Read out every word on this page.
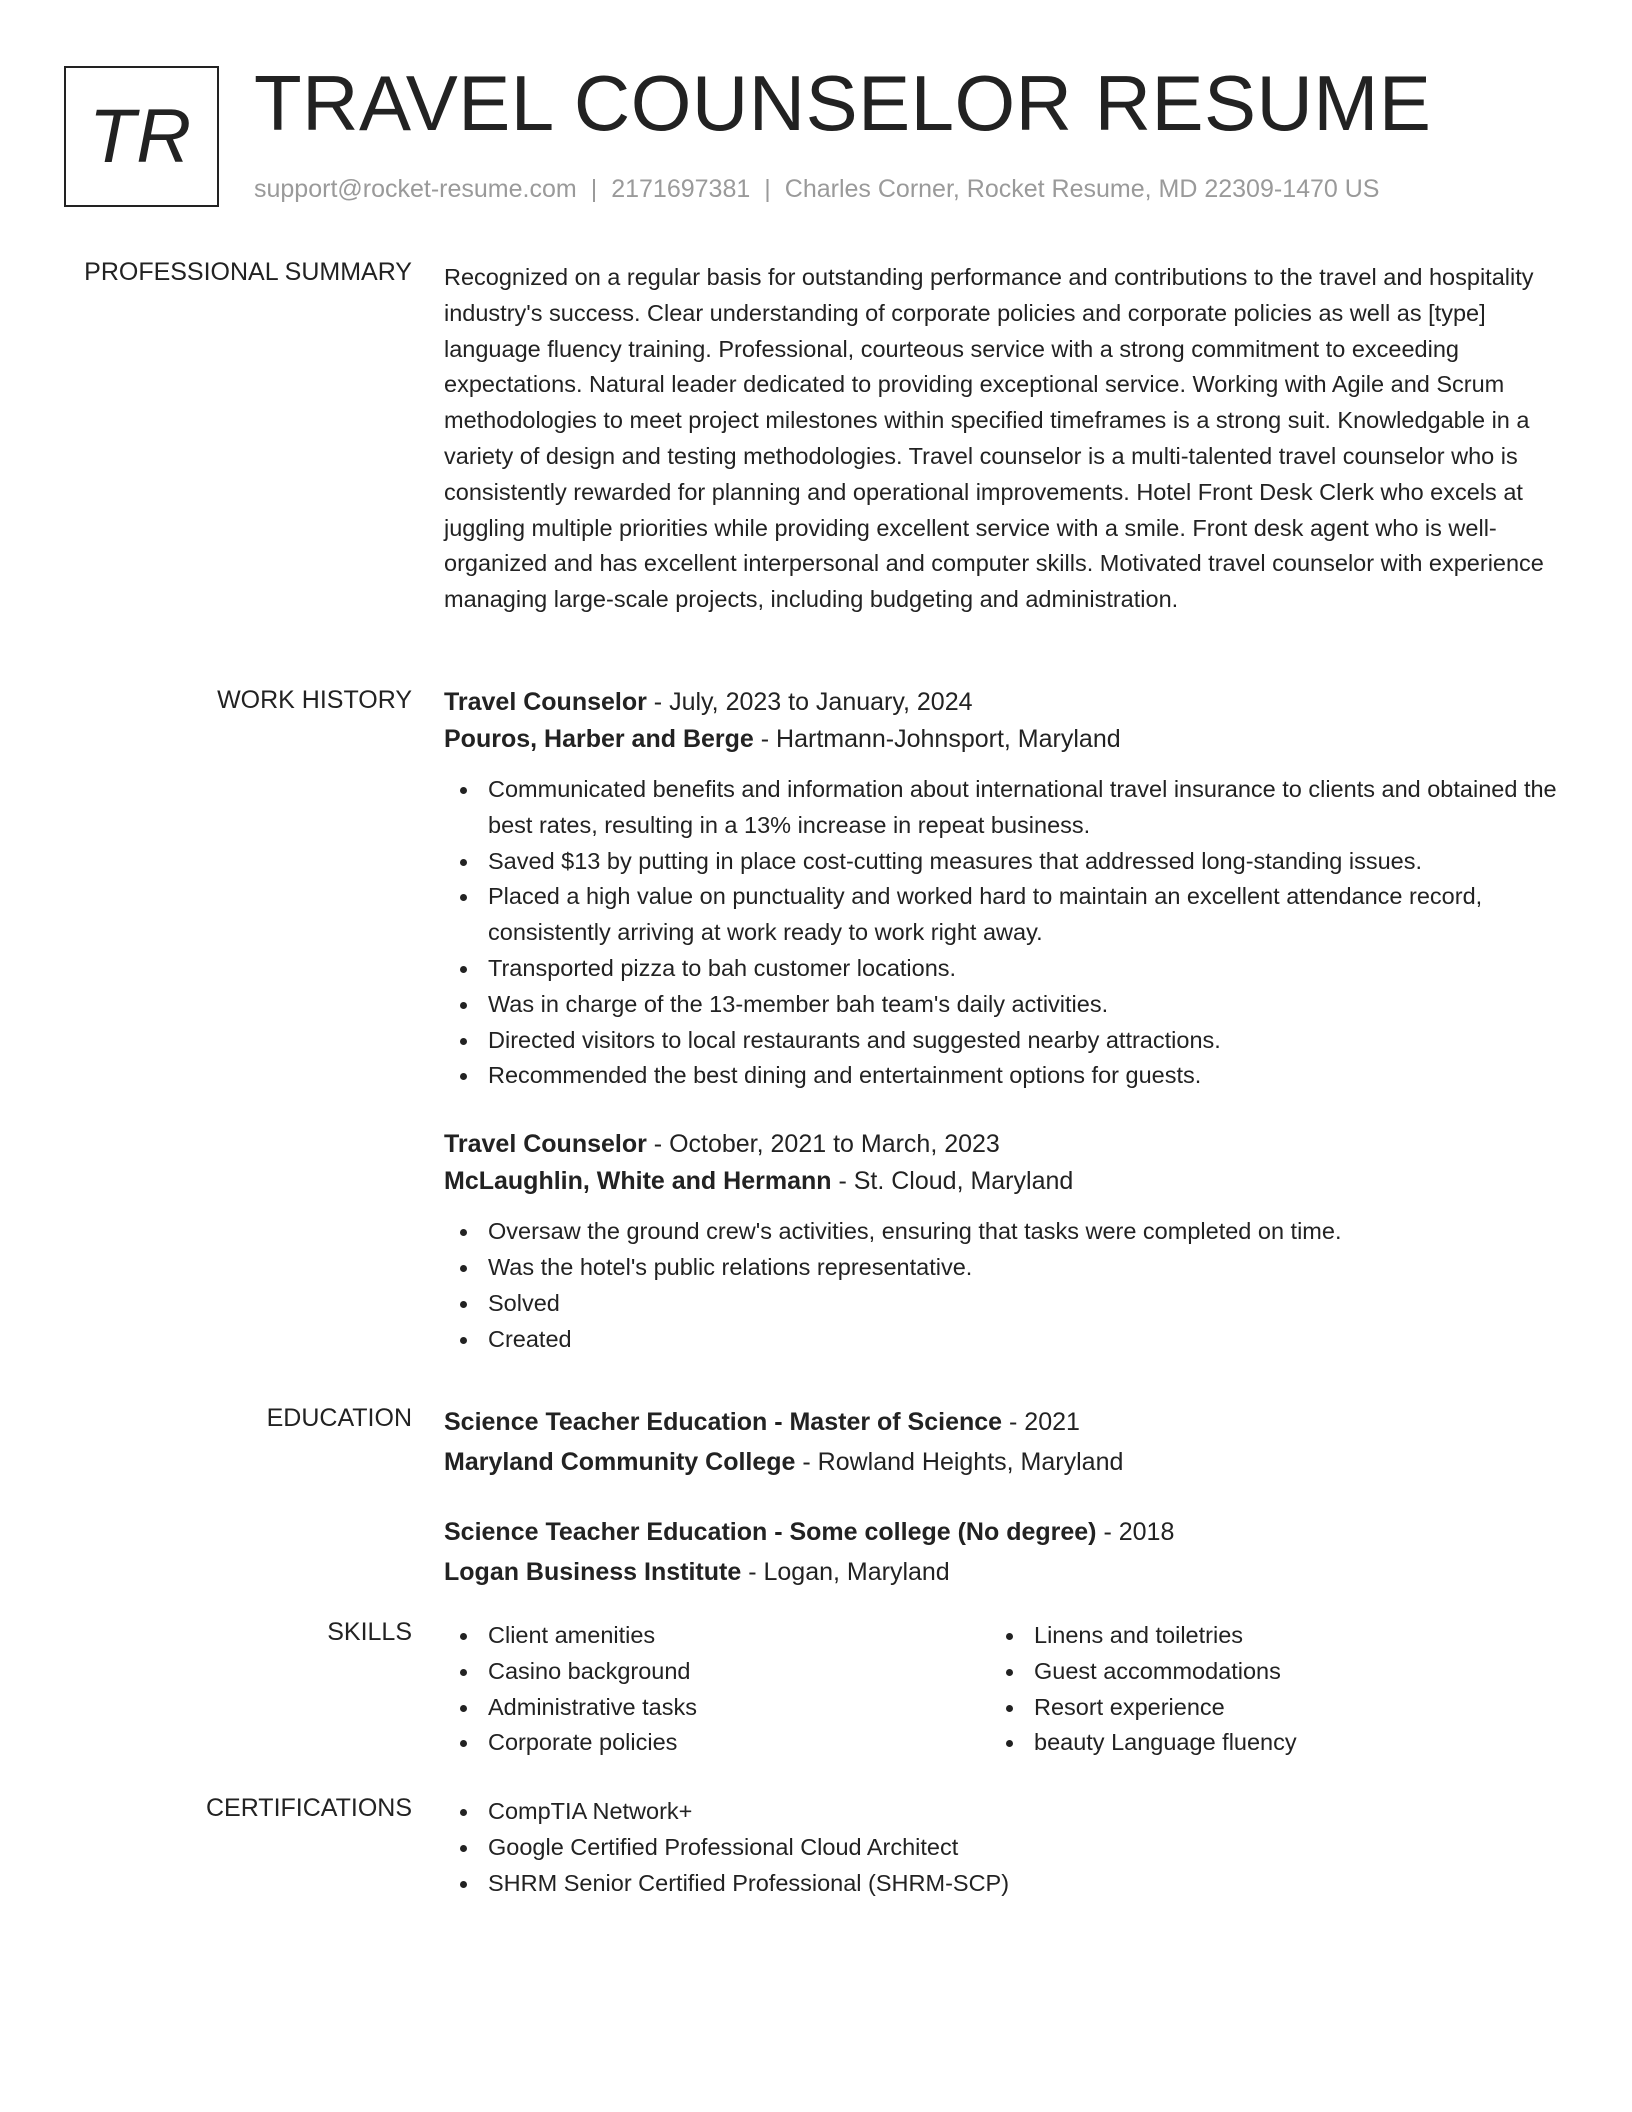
TR TRAVEL COUNSELOR RESUME
support@rocket-resume.com | 2171697381 | Charles Corner, Rocket Resume, MD 22309-1470 US
PROFESSIONAL SUMMARY Recognized on a regular basis for outstanding performance and contributions to the travel and hospitality industry's success. Clear understanding of corporate policies and corporate policies as well as [type] language fluency training. Professional, courteous service with a strong commitment to exceeding expectations. Natural leader dedicated to providing exceptional service. Working with Agile and Scrum methodologies to meet project milestones within specified timeframes is a strong suit. Knowledgable in a variety of design and testing methodologies. Travel counselor is a multi-talented travel counselor who is consistently rewarded for planning and operational improvements. Hotel Front Desk Clerk who excels at juggling multiple priorities while providing excellent service with a smile. Front desk agent who is well-organized and has excellent interpersonal and computer skills. Motivated travel counselor with experience managing large-scale projects, including budgeting and administration.

WORK HISTORY Travel Counselor - July, 2023 to January, 2024
Pouros, Harber and Berge - Hartmann-Johnsport, Maryland
Communicated benefits and information about international travel insurance to clients and obtained the best rates, resulting in a 13% increase in repeat business.
Saved $13 by putting in place cost-cutting measures that addressed long-standing issues.
Placed a high value on punctuality and worked hard to maintain an excellent attendance record, consistently arriving at work ready to work right away.
Transported pizza to bah customer locations.
Was in charge of the 13-member bah team's daily activities.
Directed visitors to local restaurants and suggested nearby attractions.
Recommended the best dining and entertainment options for guests.
Travel Counselor - October, 2021 to March, 2023
McLaughlin, White and Hermann - St. Cloud, Maryland
Oversaw the ground crew's activities, ensuring that tasks were completed on time.
Was the hotel's public relations representative.
Solved
Created
EDUCATION Science Teacher Education - Master of Science - 2021
Maryland Community College - Rowland Heights, Maryland
Science Teacher Education - Some college (No degree) - 2018
Logan Business Institute - Logan, Maryland
SKILLS	Client amenities
Casino background
Administrative tasks
Corporate policies
Linens and toiletries
Guest accommodations
Resort experience
beauty Language fluency
CERTIFICATIONS	CompTIA Network+
Google Certified Professional Cloud Architect
SHRM Senior Certified Professional (SHRM-SCP)
